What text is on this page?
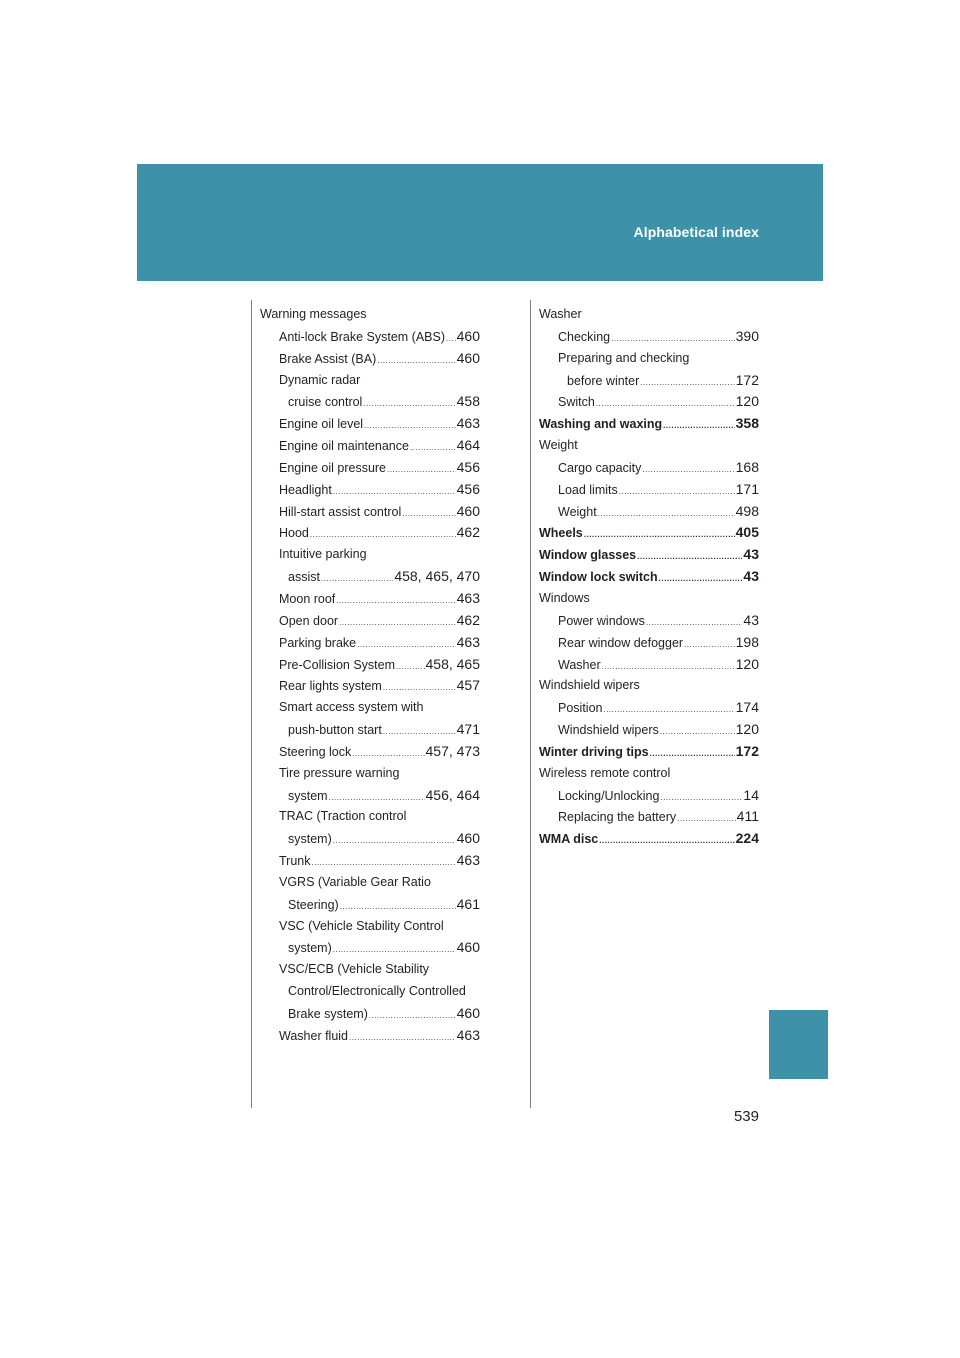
Alphabetical index
Warning messages
Anti-lock Brake System (ABS) ..... 460
Brake Assist (BA) .....	460
Dynamic radar
cruise control .....	458
Engine oil level .....	463
Engine oil maintenance .....	464
Engine oil pressure .....	456
Headlight .....	456
Hill-start assist control .....	460
Hood .....	462
Intuitive parking
assist .....	458, 465, 470
Moon roof .....	463
Open door .....	462
Parking brake .....	463
Pre-Collision System ..... 458, 465
Rear lights system .....	457
Smart access system with
push-button start .....	471
Steering lock .....	457, 473
Tire pressure warning
system .....	456, 464
TRAC (Traction control
system) .....	460
Trunk .....	463
VGRS (Variable Gear Ratio
Steering) .....	461
VSC (Vehicle Stability Control
system) .....	460
VSC/ECB (Vehicle Stability
Control/Electronically Controlled
Brake system) .....	460
Washer fluid .....	463
Washer
Checking .....	390
Preparing and checking
before winter .....	172
Switch .....	120
Washing and waxing .....	358
Weight
Cargo capacity .....	168
Load limits .....	171
Weight .....	498
Wheels .....	405
Window glasses .....	43
Window lock switch .....	43
Windows
Power windows .....	43
Rear window defogger .....	198
Washer .....	120
Windshield wipers
Position .....	174
Windshield wipers .....	120
Winter driving tips .....	172
Wireless remote control
Locking/Unlocking .....	14
Replacing the battery .....	411
WMA disc .....	224
539
